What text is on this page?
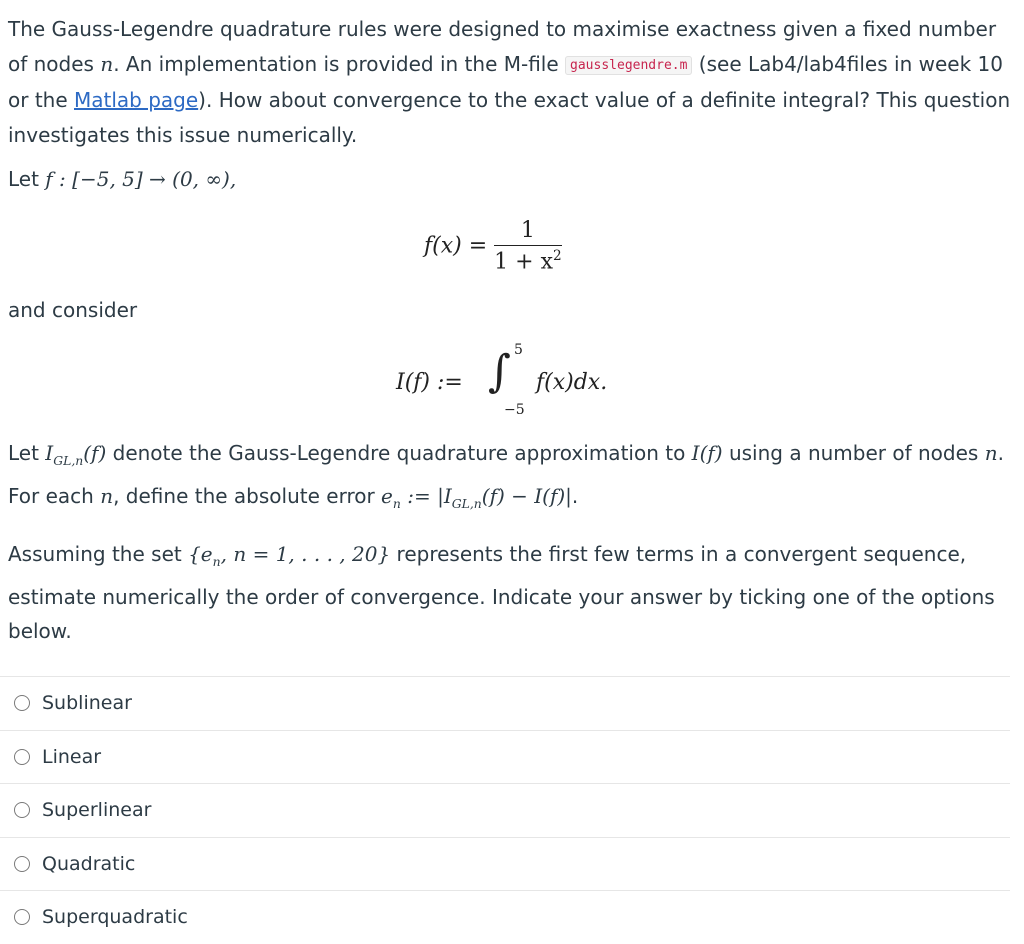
The Gauss-Legendre quadrature rules were designed to maximise exactness given a fixed number of nodes n. An implementation is provided in the M-file gausslegendre.m (see Lab4/lab4files in week 10 or the Matlab page). How about convergence to the exact value of a definite integral? This question investigates this issue numerically.

Let f : [−5, 5] → (0, ∞),

$f(x) = \frac{1}{1 + x^2}$
and consider
I(f) := ∫ 5
−5
f(x)dx.

Let $I_{GL,n}(f)$ denote the Gauss-Legendre quadrature approximation to I(f) using a number of nodes n. For each n, define the absolute error $e_n$ := $|I_{GL,n}(f) - I(f)|$.

Assuming the set {$e_n$, n = 1, . . . , 20} represents the first few terms in a convergent sequence, estimate numerically the order of convergence. Indicate your answer by ticking one of the options below.

Sublinear
Linear
Superlinear
Quadratic
Superquadratic
